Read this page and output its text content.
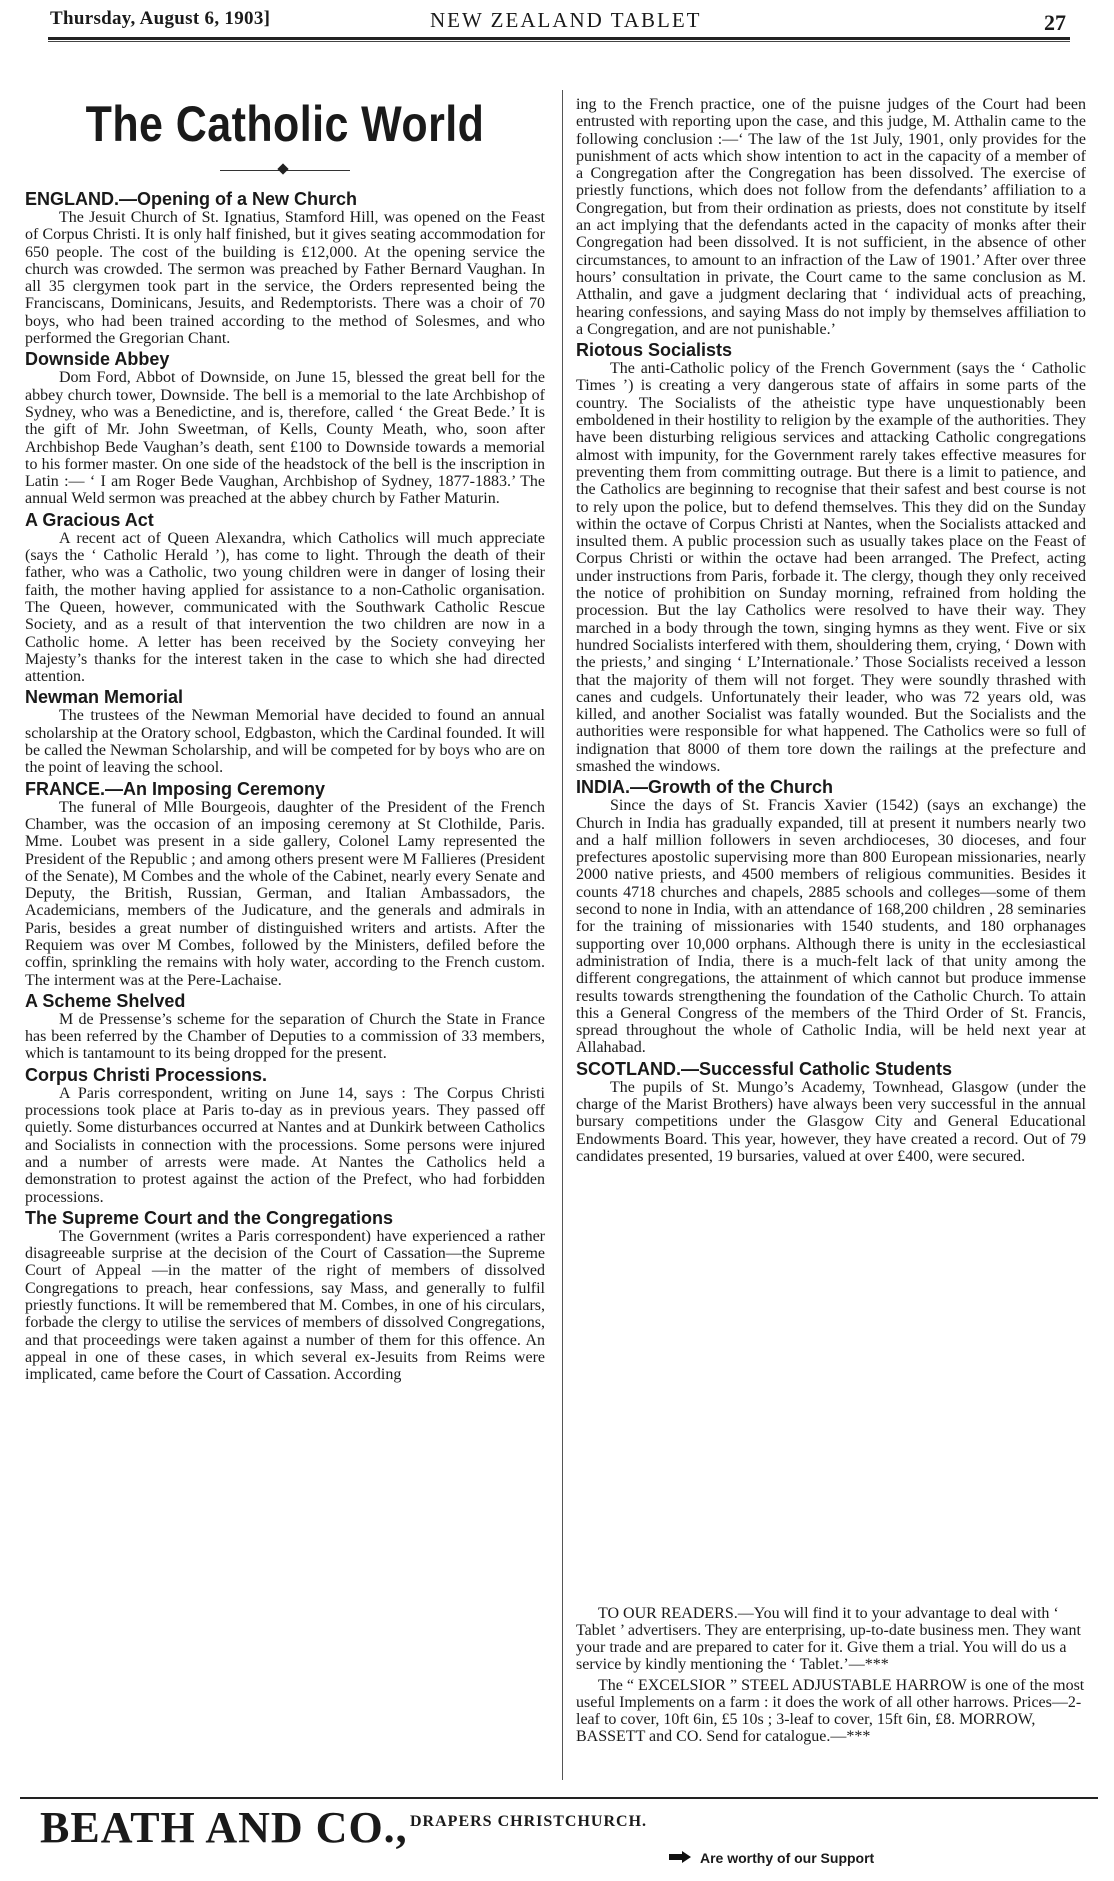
Thursday, August 6, 1903]	NEW ZEALAND TABLET	27
The Catholic World
ENGLAND.—Opening of a New Church

The Jesuit Church of St. Ignatius, Stamford Hill, was opened on the Feast of Corpus Christi. It is only half finished, but it gives seating accommodation for 650 people. The cost of the building is £12,000. At the opening service the church was crowded. The sermon was preached by Father Bernard Vaughan. In all 35 clergymen took part in the service, the Orders represented being the Franciscans, Dominicans, Jesuits, and Redemptorists. There was a choir of 70 boys, who had been trained according to the method of Solesmes, and who performed the Gregorian Chant.

Downside Abbey

Dom Ford, Abbot of Downside, on June 15, blessed the great bell for the abbey church tower, Downside. The bell is a memorial to the late Archbishop of Sydney, who was a Benedictine, and is, therefore, called ‘ the Great Bede.’ It is the gift of Mr. John Sweetman, of Kells, County Meath, who, soon after Archbishop Bede Vaughan’s death, sent £100 to Downside towards a memorial to his former master. On one side of the headstock of the bell is the inscription in Latin :— ‘ I am Roger Bede Vaughan, Archbishop of Sydney, 1877-1883.’ The annual Weld sermon was preached at the abbey church by Father Maturin.

A Gracious Act

A recent act of Queen Alexandra, which Catholics will much appreciate (says the ‘ Catholic Herald ’), has come to light. Through the death of their father, who was a Catholic, two young children were in danger of losing their faith, the mother having applied for assistance to a non-Catholic organisation. The Queen, however, communicated with the Southwark Catholic Rescue Society, and as a result of that intervention the two children are now in a Catholic home. A letter has been received by the Society conveying her Majesty’s thanks for the interest taken in the case to which she had directed attention.

Newman Memorial

The trustees of the Newman Memorial have decided to found an annual scholarship at the Oratory school, Edgbaston, which the Cardinal founded. It will be called the Newman Scholarship, and will be competed for by boys who are on the point of leaving the school.

FRANCE.—An Imposing Ceremony

The funeral of Mlle Bourgeois, daughter of the President of the French Chamber, was the occasion of an imposing ceremony at St Clothilde, Paris. Mme. Loubet was present in a side gallery, Colonel Lamy represented the President of the Republic ; and among others present were M Fallieres (President of the Senate), M Combes and the whole of the Cabinet, nearly every Senate and Deputy, the British, Russian, German, and Italian Ambassadors, the Academicians, members of the Judicature, and the generals and admirals in Paris, besides a great number of distinguished writers and artists. After the Requiem was over M Combes, followed by the Ministers, defiled before the coffin, sprinkling the remains with holy water, according to the French custom. The interment was at the Pere-Lachaise.

A Scheme Shelved

M de Pressense’s scheme for the separation of Church the State in France has been referred by the Chamber of Deputies to a commission of 33 members, which is tantamount to its being dropped for the present.

Corpus Christi Processions.

A Paris correspondent, writing on June 14, says : The Corpus Christi processions took place at Paris to-day as in previous years. They passed off quietly. Some disturbances occurred at Nantes and at Dunkirk between Catholics and Socialists in connection with the processions. Some persons were injured and a number of arrests were made. At Nantes the Catholics held a demonstration to protest against the action of the Prefect, who had forbidden processions.

The Supreme Court and the Congregations

The Government (writes a Paris correspondent) have experienced a rather disagreeable surprise at the decision of the Court of Cassation—the Supreme Court of Appeal —in the matter of the right of members of dissolved Congregations to preach, hear confessions, say Mass, and generally to fulfil priestly functions. It will be remembered that M. Combes, in one of his circulars, forbade the clergy to utilise the services of members of dissolved Congregations, and that proceedings were taken against a number of them for this offence. An appeal in one of these cases, in which several ex-Jesuits from Reims were implicated, came before the Court of Cassation. According

ing to the French practice, one of the puisne judges of the Court had been entrusted with reporting upon the case, and this judge, M. Atthalin came to the following conclusion :—‘ The law of the 1st July, 1901, only provides for the punishment of acts which show intention to act in the capacity of a member of a Congregation after the Congregation has been dissolved. The exercise of priestly functions, which does not follow from the defendants’ affiliation to a Congregation, but from their ordination as priests, does not constitute by itself an act implying that the defendants acted in the capacity of monks after their Congregation had been dissolved. It is not sufficient, in the absence of other circumstances, to amount to an infraction of the Law of 1901.’ After over three hours’ consultation in private, the Court came to the same conclusion as M. Atthalin, and gave a judgment declaring that ‘ individual acts of preaching, hearing confessions, and saying Mass do not imply by themselves affiliation to a Congregation, and are not punishable.’

Riotous Socialists

The anti-Catholic policy of the French Government (says the ‘ Catholic Times ’) is creating a very dangerous state of affairs in some parts of the country. The Socialists of the atheistic type have unquestionably been emboldened in their hostility to religion by the example of the authorities. They have been disturbing religious services and attacking Catholic congregations almost with impunity, for the Government rarely takes effective measures for preventing them from committing outrage. But there is a limit to patience, and the Catholics are beginning to recognise that their safest and best course is not to rely upon the police, but to defend themselves. This they did on the Sunday within the octave of Corpus Christi at Nantes, when the Socialists attacked and insulted them. A public procession such as usually takes place on the Feast of Corpus Christi or within the octave had been arranged. The Prefect, acting under instructions from Paris, forbade it. The clergy, though they only received the notice of prohibition on Sunday morning, refrained from holding the procession. But the lay Catholics were resolved to have their way. They marched in a body through the town, singing hymns as they went. Five or six hundred Socialists interfered with them, shouldering them, crying, ‘ Down with the priests,’ and singing ‘ L’Internationale.’ Those Socialists received a lesson that the majority of them will not forget. They were soundly thrashed with canes and cudgels. Unfortunately their leader, who was 72 years old, was killed, and another Socialist was fatally wounded. But the Socialists and the authorities were responsible for what happened. The Catholics were so full of indignation that 8000 of them tore down the railings at the prefecture and smashed the windows.

INDIA.—Growth of the Church

Since the days of St. Francis Xavier (1542) (says an exchange) the Church in India has gradually expanded, till at present it numbers nearly two and a half million followers in seven archdioceses, 30 dioceses, and four prefectures apostolic supervising more than 800 European missionaries, nearly 2000 native priests, and 4500 members of religious communities. Besides it counts 4718 churches and chapels, 2885 schools and colleges—some of them second to none in India, with an attendance of 168,200 children , 28 seminaries for the training of missionaries with 1540 students, and 180 orphanages supporting over 10,000 orphans. Although there is unity in the ecclesiastical administration of India, there is a much-felt lack of that unity among the different congregations, the attainment of which cannot but produce immense results towards strengthening the foundation of the Catholic Church. To attain this a General Congress of the members of the Third Order of St. Francis, spread throughout the whole of Catholic India, will be held next year at Allahabad.

SCOTLAND.—Successful Catholic Students

The pupils of St. Mungo’s Academy, Townhead, Glasgow (under the charge of the Marist Brothers) have always been very successful in the annual bursary competitions under the Glasgow City and General Educational Endowments Board. This year, however, they have created a record. Out of 79 candidates presented, 19 bursaries, valued at over £400, were secured.

TO OUR READERS.—You will find it to your advantage to deal with ‘ Tablet ’ advertisers. They are enterprising, up-to-date business men. They want your trade and are prepared to cater for it. Give them a trial. You will do us a service by kindly mentioning the ‘ Tablet.’—***

The “ EXCELSIOR ” STEEL ADJUSTABLE HARROW is one of the most useful Implements on a farm : it does the work of all other harrows. Prices—2-leaf to cover, 10ft 6in, £5 10s ; 3-leaf to cover, 15ft 6in, £8. MORROW, BASSETT and CO. Send for catalogue.—***

BEATH AND CO., DRAPERS CHRISTCHURCH.
Are worthy of our Support
